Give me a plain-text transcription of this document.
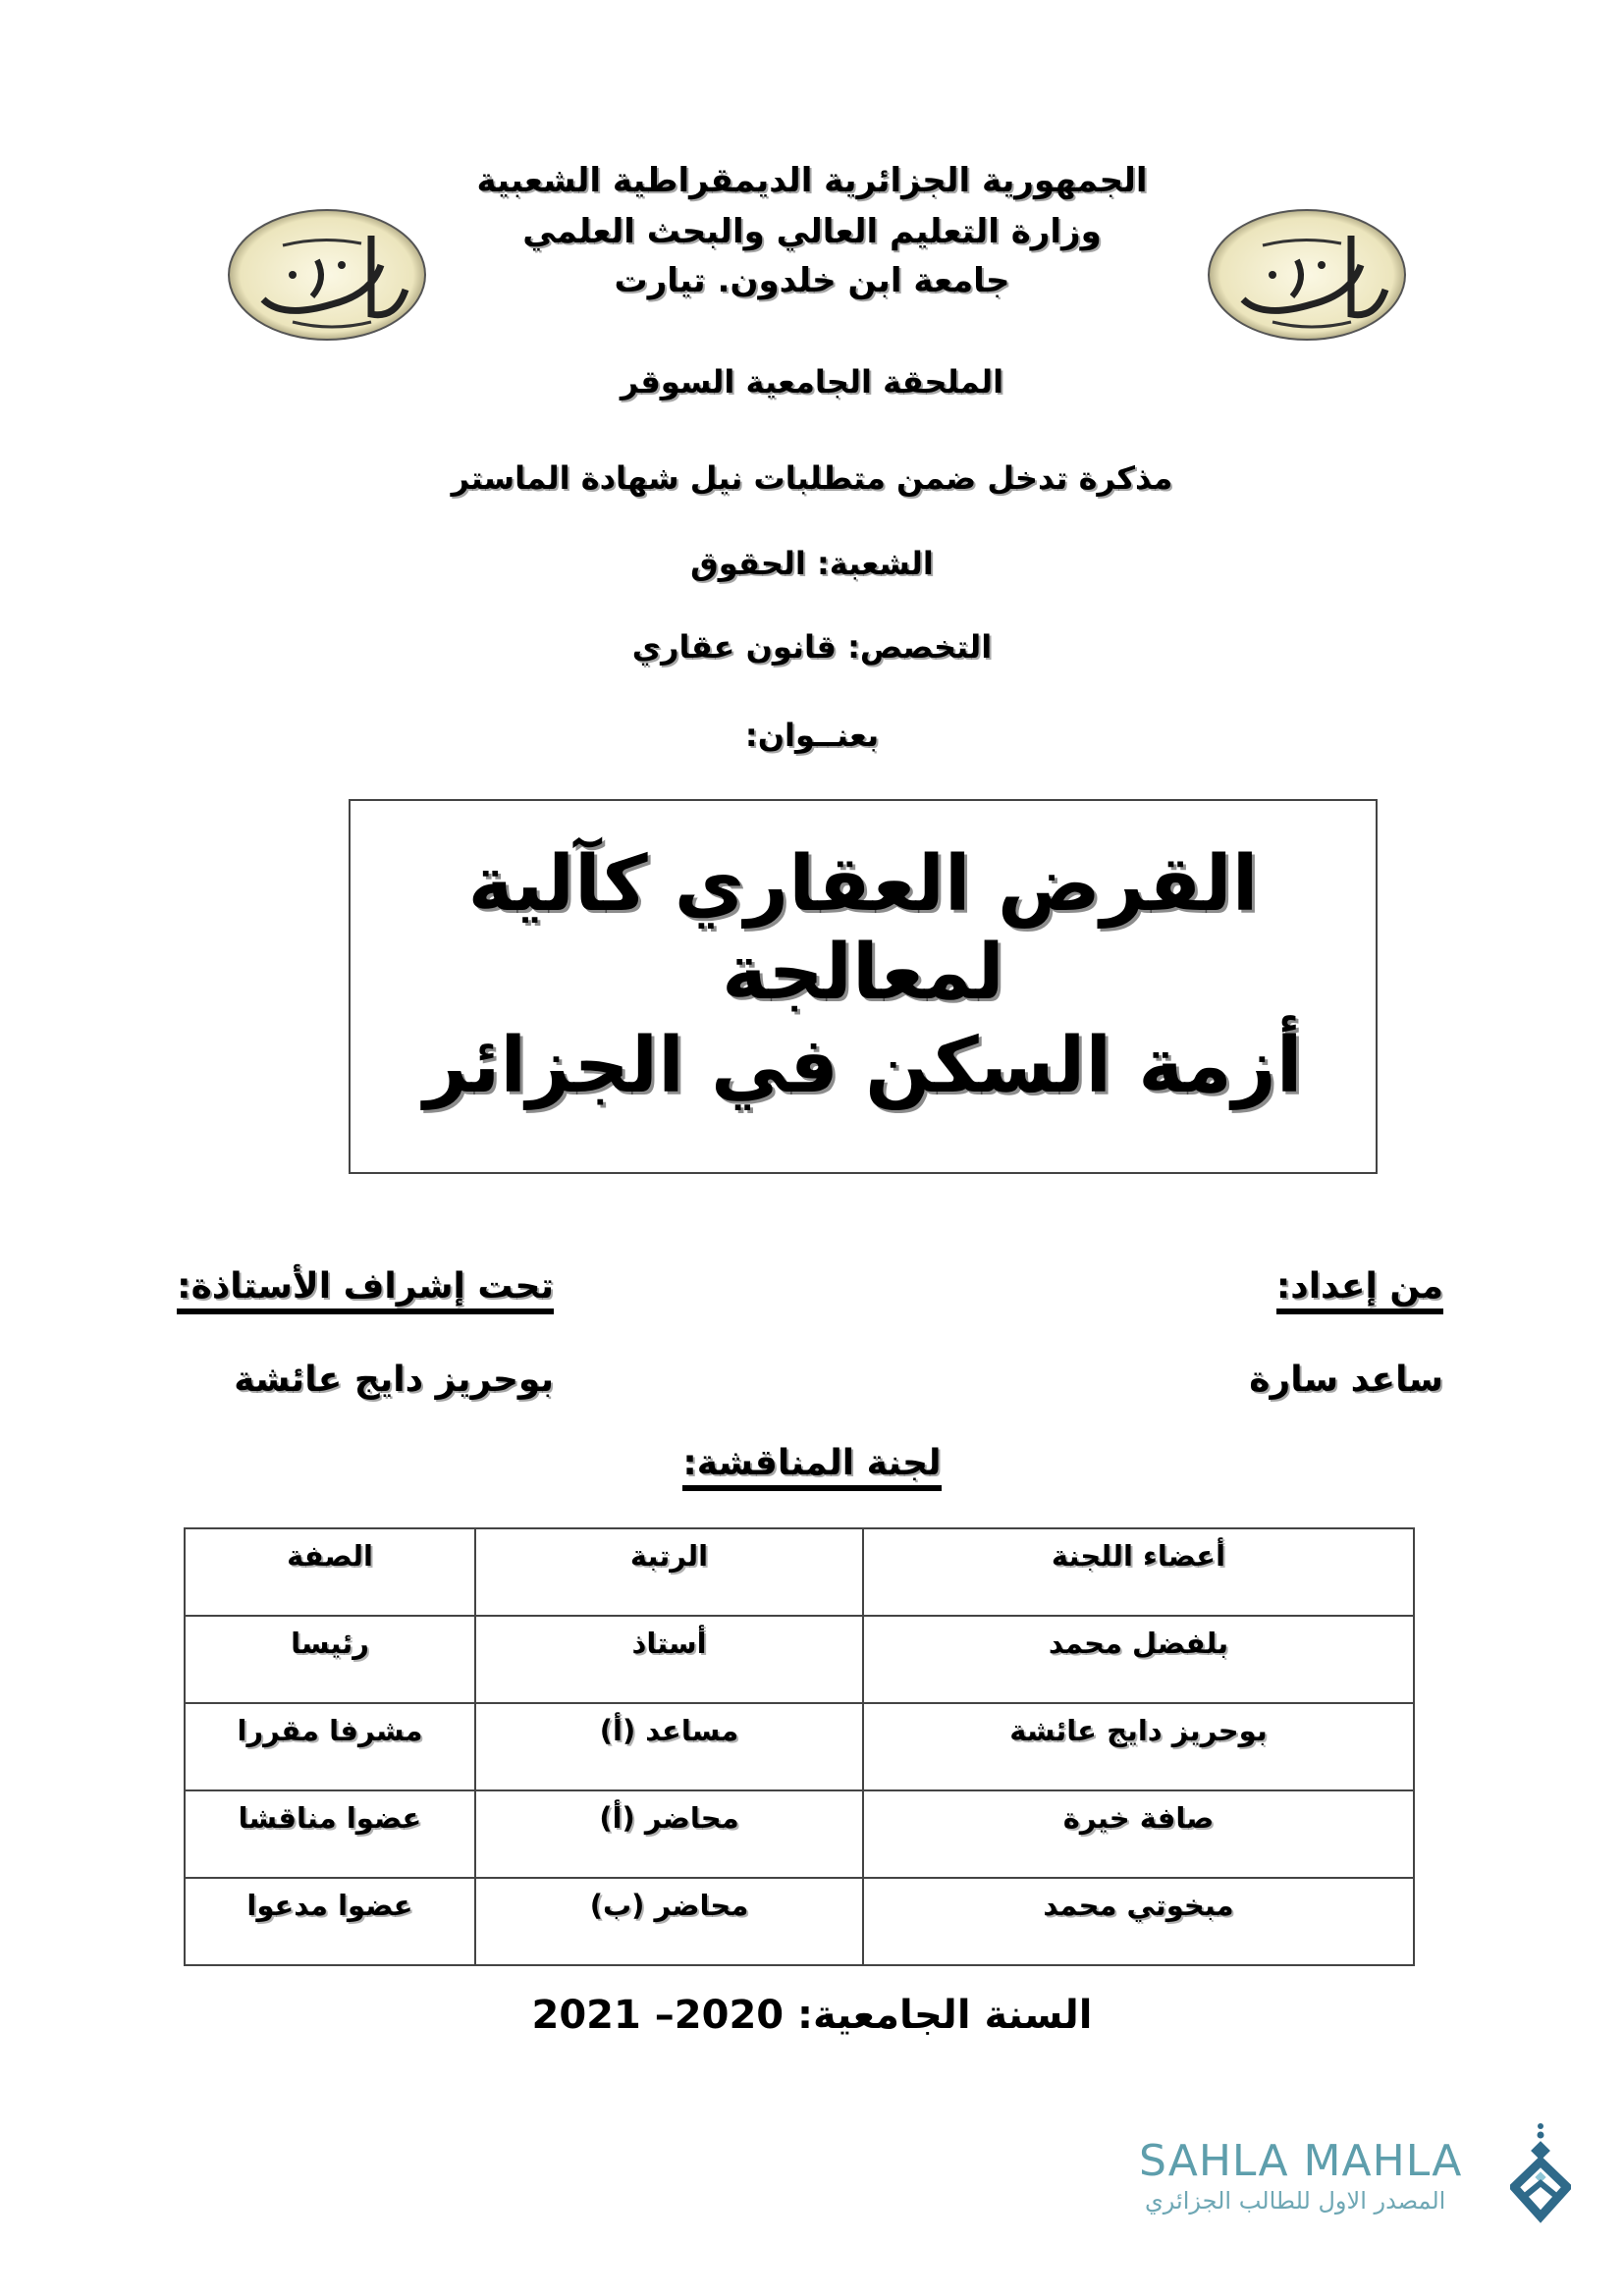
الجمهورية الجزائرية الديمقراطية الشعبية
وزارة التعليم العالي والبحث العلمي
جامعة ابن خلدون. تيارت
الملحقة الجامعية السوقر
مذكرة تدخل ضمن متطلبات نيل شهادة الماستر
الشعبة: الحقوق
التخصص: قانون عقاري
بعنــوان:
القرض العقاري كآلية لمعالجة
أزمة السكن في الجزائر
من إعداد:
تحت إشراف الأستاذة:
ساعد سارة
بوحريز دايج عائشة
لجنة المناقشة:
أعضاء اللجنة	الرتبة	الصفة
بلفضل محمد	أستاذ	رئيسا
بوحريز دايج عائشة	مساعد (أ)	مشرفا مقررا
صافة خيرة	محاضر (أ)	عضوا مناقشا
مبخوتي محمد	محاضر (ب)	عضوا مدعوا
السنة الجامعية: 2020– 2021
SAHLA MAHLA
المصدر الاول للطالب الجزائري
